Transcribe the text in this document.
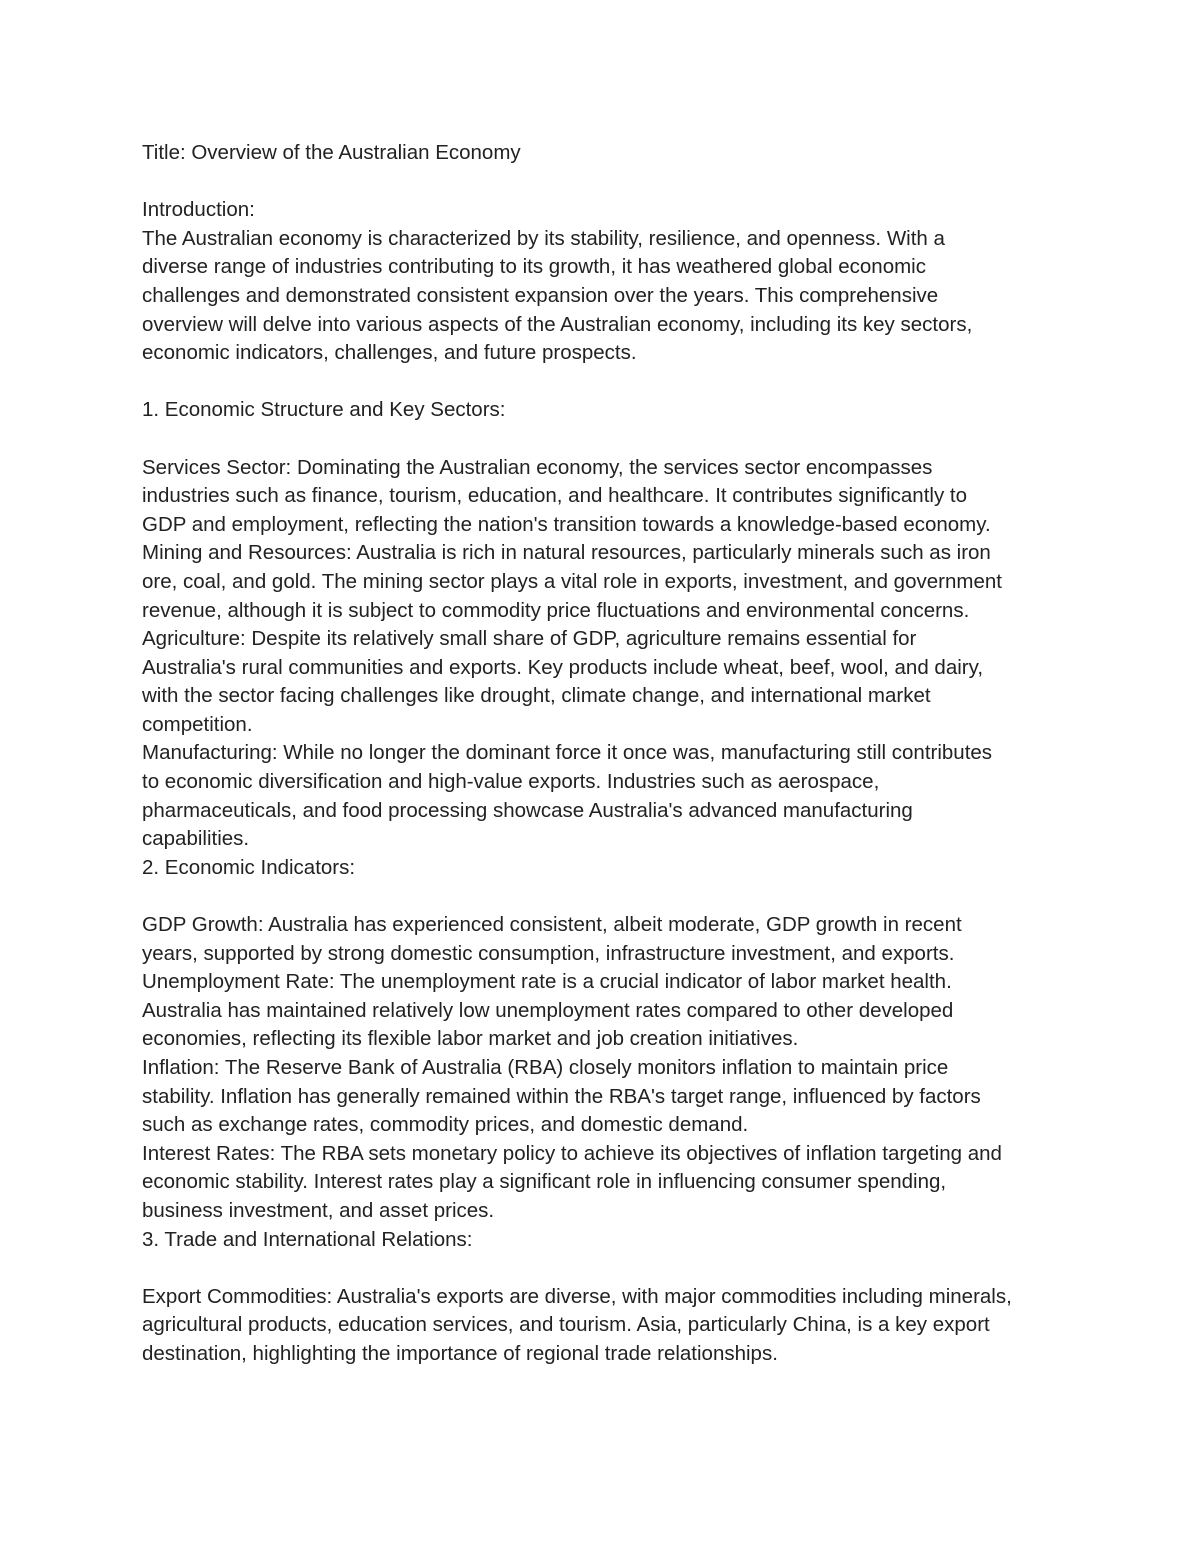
Title: Overview of the Australian Economy
Introduction:
The Australian economy is characterized by its stability, resilience, and openness. With a
diverse range of industries contributing to its growth, it has weathered global economic
challenges and demonstrated consistent expansion over the years. This comprehensive
overview will delve into various aspects of the Australian economy, including its key sectors,
economic indicators, challenges, and future prospects.
1. Economic Structure and Key Sectors:
Services Sector: Dominating the Australian economy, the services sector encompasses
industries such as finance, tourism, education, and healthcare. It contributes significantly to
GDP and employment, reflecting the nation's transition towards a knowledge-based economy.
Mining and Resources: Australia is rich in natural resources, particularly minerals such as iron
ore, coal, and gold. The mining sector plays a vital role in exports, investment, and government
revenue, although it is subject to commodity price fluctuations and environmental concerns.
Agriculture: Despite its relatively small share of GDP, agriculture remains essential for
Australia's rural communities and exports. Key products include wheat, beef, wool, and dairy,
with the sector facing challenges like drought, climate change, and international market
competition.
Manufacturing: While no longer the dominant force it once was, manufacturing still contributes
to economic diversification and high-value exports. Industries such as aerospace,
pharmaceuticals, and food processing showcase Australia's advanced manufacturing
capabilities.
2. Economic Indicators:
GDP Growth: Australia has experienced consistent, albeit moderate, GDP growth in recent
years, supported by strong domestic consumption, infrastructure investment, and exports.
Unemployment Rate: The unemployment rate is a crucial indicator of labor market health.
Australia has maintained relatively low unemployment rates compared to other developed
economies, reflecting its flexible labor market and job creation initiatives.
Inflation: The Reserve Bank of Australia (RBA) closely monitors inflation to maintain price
stability. Inflation has generally remained within the RBA's target range, influenced by factors
such as exchange rates, commodity prices, and domestic demand.
Interest Rates: The RBA sets monetary policy to achieve its objectives of inflation targeting and
economic stability. Interest rates play a significant role in influencing consumer spending,
business investment, and asset prices.
3. Trade and International Relations:
Export Commodities: Australia's exports are diverse, with major commodities including minerals,
agricultural products, education services, and tourism. Asia, particularly China, is a key export
destination, highlighting the importance of regional trade relationships.
